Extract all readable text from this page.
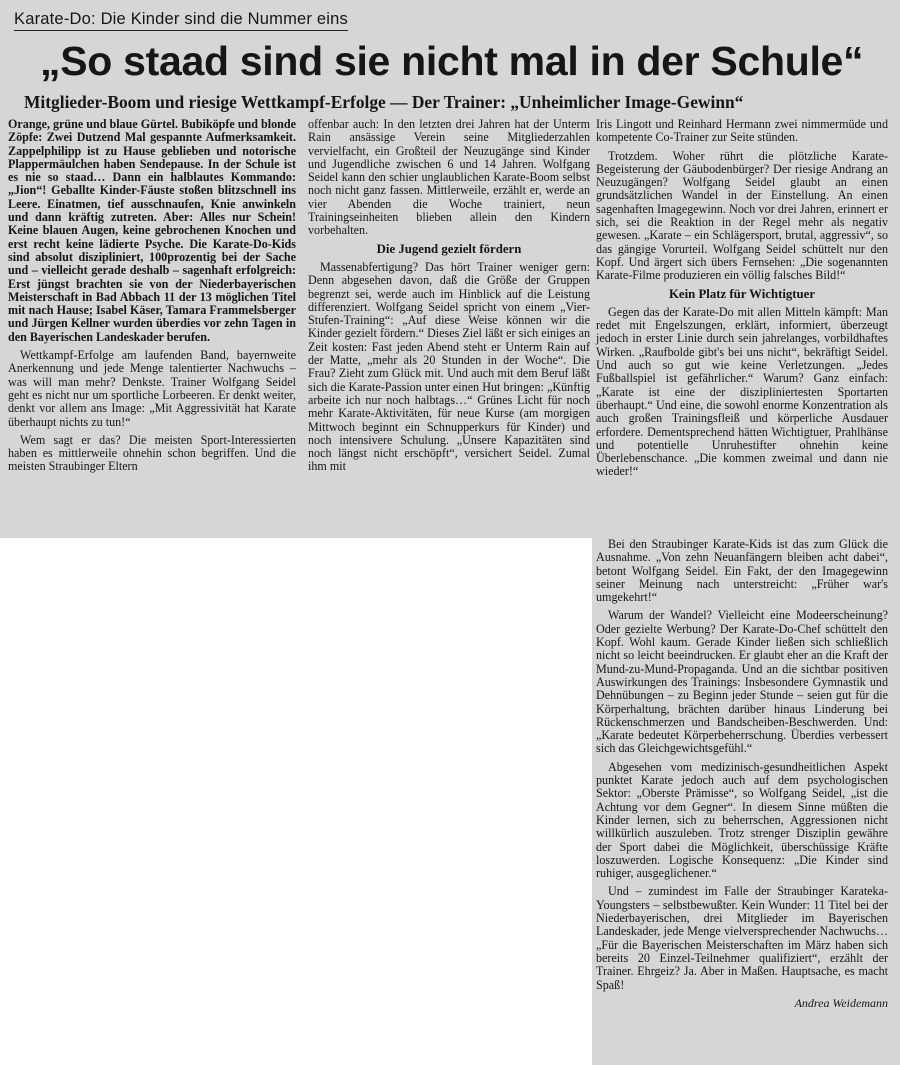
Karate-Do: Die Kinder sind die Nummer eins
„So staad sind sie nicht mal in der Schule“
Mitglieder-Boom und riesige Wettkampf-Erfolge — Der Trainer: „Unheimlicher Image-Gewinn“

Orange, grüne und blaue Gürtel. Bubiköpfe und blonde Zöpfe: Zwei Dutzend Mal gespannte Aufmerksamkeit. Zappelphilipp ist zu Hause geblieben und notorische Plappermäulchen haben Sendepause. In der Schule ist es nie so staad… Dann ein halblautes Kommando: „Jion“! Geballte Kinder-Fäuste stoßen blitzschnell ins Leere. Einatmen, tief ausschnaufen, Knie anwinkeln und dann kräftig zutreten. Aber: Alles nur Schein! Keine blauen Augen, keine gebrochenen Knochen und erst recht keine lädierte Psyche. Die Karate-Do-Kids sind absolut diszipliniert, 100prozentig bei der Sache und – vielleicht gerade deshalb – sagenhaft erfolgreich: Erst jüngst brachten sie von der Niederbayerischen Meisterschaft in Bad Abbach 11 der 13 möglichen Titel mit nach Hause; Isabel Käser, Tamara Frammelsberger und Jürgen Kellner wurden überdies vor zehn Tagen in den Bayerischen Landeskader berufen.

Wettkampf-Erfolge am laufenden Band, bayernweite Anerkennung und jede Menge talentierter Nachwuchs – was will man mehr? Denkste. Trainer Wolfgang Seidel geht es nicht nur um sportliche Lorbeeren. Er denkt weiter, denkt vor allem ans Image: „Mit Aggressivität hat Karate überhaupt nichts zu tun!“

Wem sagt er das? Die meisten Sport-Interessierten haben es mittlerweile ohnehin schon begriffen. Und die meisten Straubinger Eltern

offenbar auch: In den letzten drei Jahren hat der Unterm Rain ansässige Verein seine Mitgliederzahlen vervielfacht, ein Großteil der Neuzugänge sind Kinder und Jugendliche zwischen 6 und 14 Jahren. Wolfgang Seidel kann den schier unglaublichen Karate-Boom selbst noch nicht ganz fassen. Mittlerweile, erzählt er, werde an vier Abenden die Woche trainiert, neun Trainingseinheiten blieben allein den Kindern vorbehalten.

Die Jugend gezielt fördern

Massenabfertigung? Das hört Trainer weniger gern: Denn abgesehen davon, daß die Größe der Gruppen begrenzt sei, werde auch im Hinblick auf die Leistung differenziert. Wolfgang Seidel spricht von einem „Vier-Stufen-Training“: „Auf diese Weise können wir die Kinder gezielt fördern.“ Dieses Ziel läßt er sich einiges an Zeit kosten: Fast jeden Abend steht er Unterm Rain auf der Matte, „mehr als 20 Stunden in der Woche“. Die Frau? Zieht zum Glück mit. Und auch mit dem Beruf läßt sich die Karate-Passion unter einen Hut bringen: „Künftig arbeite ich nur noch halbtags…“ Grünes Licht für noch mehr Karate-Aktivitäten, für neue Kurse (am morgigen Mittwoch beginnt ein Schnupperkurs für Kinder) und noch intensivere Schulung. „Unsere Kapazitäten sind noch längst nicht erschöpft“, versichert Seidel. Zumal ihm mit

Iris Lingott und Reinhard Hermann zwei nimmermüde und kompetente Co-Trainer zur Seite stünden.

Trotzdem. Woher rührt die plötzliche Karate-Begeisterung der Gäubodenbürger? Der riesige Andrang an Neuzugängen? Wolfgang Seidel glaubt an einen grundsätzlichen Wandel in der Einstellung. An einen sagenhaften Imagegewinn. Noch vor drei Jahren, erinnert er sich, sei die Reaktion in der Regel mehr als negativ gewesen. „Karate – ein Schlägersport, brutal, aggressiv“, so das gängige Vorurteil. Wolfgang Seidel schüttelt nur den Kopf. Und ärgert sich übers Fernsehen: „Die sogenannten Karate-Filme produzieren ein völlig falsches Bild!“

Kein Platz für Wichtigtuer

Gegen das der Karate-Do mit allen Mitteln kämpft: Man redet mit Engelszungen, erklärt, informiert, überzeugt jedoch in erster Linie durch sein jahrelanges, vorbildhaftes Wirken. „Raufbolde gibt's bei uns nicht“, bekräftigt Seidel. Und auch so gut wie keine Verletzungen. „Jedes Fußballspiel ist gefährlicher.“ Warum? Ganz einfach: „Karate ist eine der diszipliniertesten Sportarten überhaupt.“ Und eine, die sowohl enorme Konzentration als auch großen Trainingsfleiß und körperliche Ausdauer erfordere. Dementsprechend hätten Wichtigtuer, Prahlhänse und potentielle Unruhestifter ohnehin keine Überlebenschance. „Die kommen zweimal und dann nie wieder!“

Bei den Straubinger Karate-Kids ist das zum Glück die Ausnahme. „Von zehn Neuanfängern bleiben acht dabei“, betont Wolfgang Seidel. Ein Fakt, der den Imagegewinn seiner Meinung nach unterstreicht: „Früher war's umgekehrt!“

Warum der Wandel? Vielleicht eine Modeerscheinung? Oder gezielte Werbung? Der Karate-Do-Chef schüttelt den Kopf. Wohl kaum. Gerade Kinder ließen sich schließlich nicht so leicht beeindrucken. Er glaubt eher an die Kraft der Mund-zu-Mund-Propaganda. Und an die sichtbar positiven Auswirkungen des Trainings: Insbesondere Gymnastik und Dehnübungen – zu Beginn jeder Stunde – seien gut für die Körperhaltung, brächten darüber hinaus Linderung bei Rückenschmerzen und Bandscheiben-Beschwerden. Und: „Karate bedeutet Körperbeherrschung. Überdies verbessert sich das Gleichgewichtsgefühl.“

Abgesehen vom medizinisch-gesundheitlichen Aspekt punktet Karate jedoch auch auf dem psychologischen Sektor: „Oberste Prämisse“, so Wolfgang Seidel, „ist die Achtung vor dem Gegner“. In diesem Sinne müßten die Kinder lernen, sich zu beherrschen, Aggressionen nicht willkürlich auszuleben. Trotz strenger Disziplin gewähre der Sport dabei die Möglichkeit, überschüssige Kräfte loszuwerden. Logische Konsequenz: „Die Kinder sind ruhiger, ausgeglichener.“

Und – zumindest im Falle der Straubinger Karateka-Youngsters – selbstbewußter. Kein Wunder: 11 Titel bei der Niederbayerischen, drei Mitglieder im Bayerischen Landeskader, jede Menge vielversprechender Nachwuchs… „Für die Bayerischen Meisterschaften im März haben sich bereits 20 Einzel-Teilnehmer qualifiziert“, erzählt der Trainer. Ehrgeiz? Ja. Aber in Maßen. Hauptsache, es macht Spaß!

Andrea Weidemann
